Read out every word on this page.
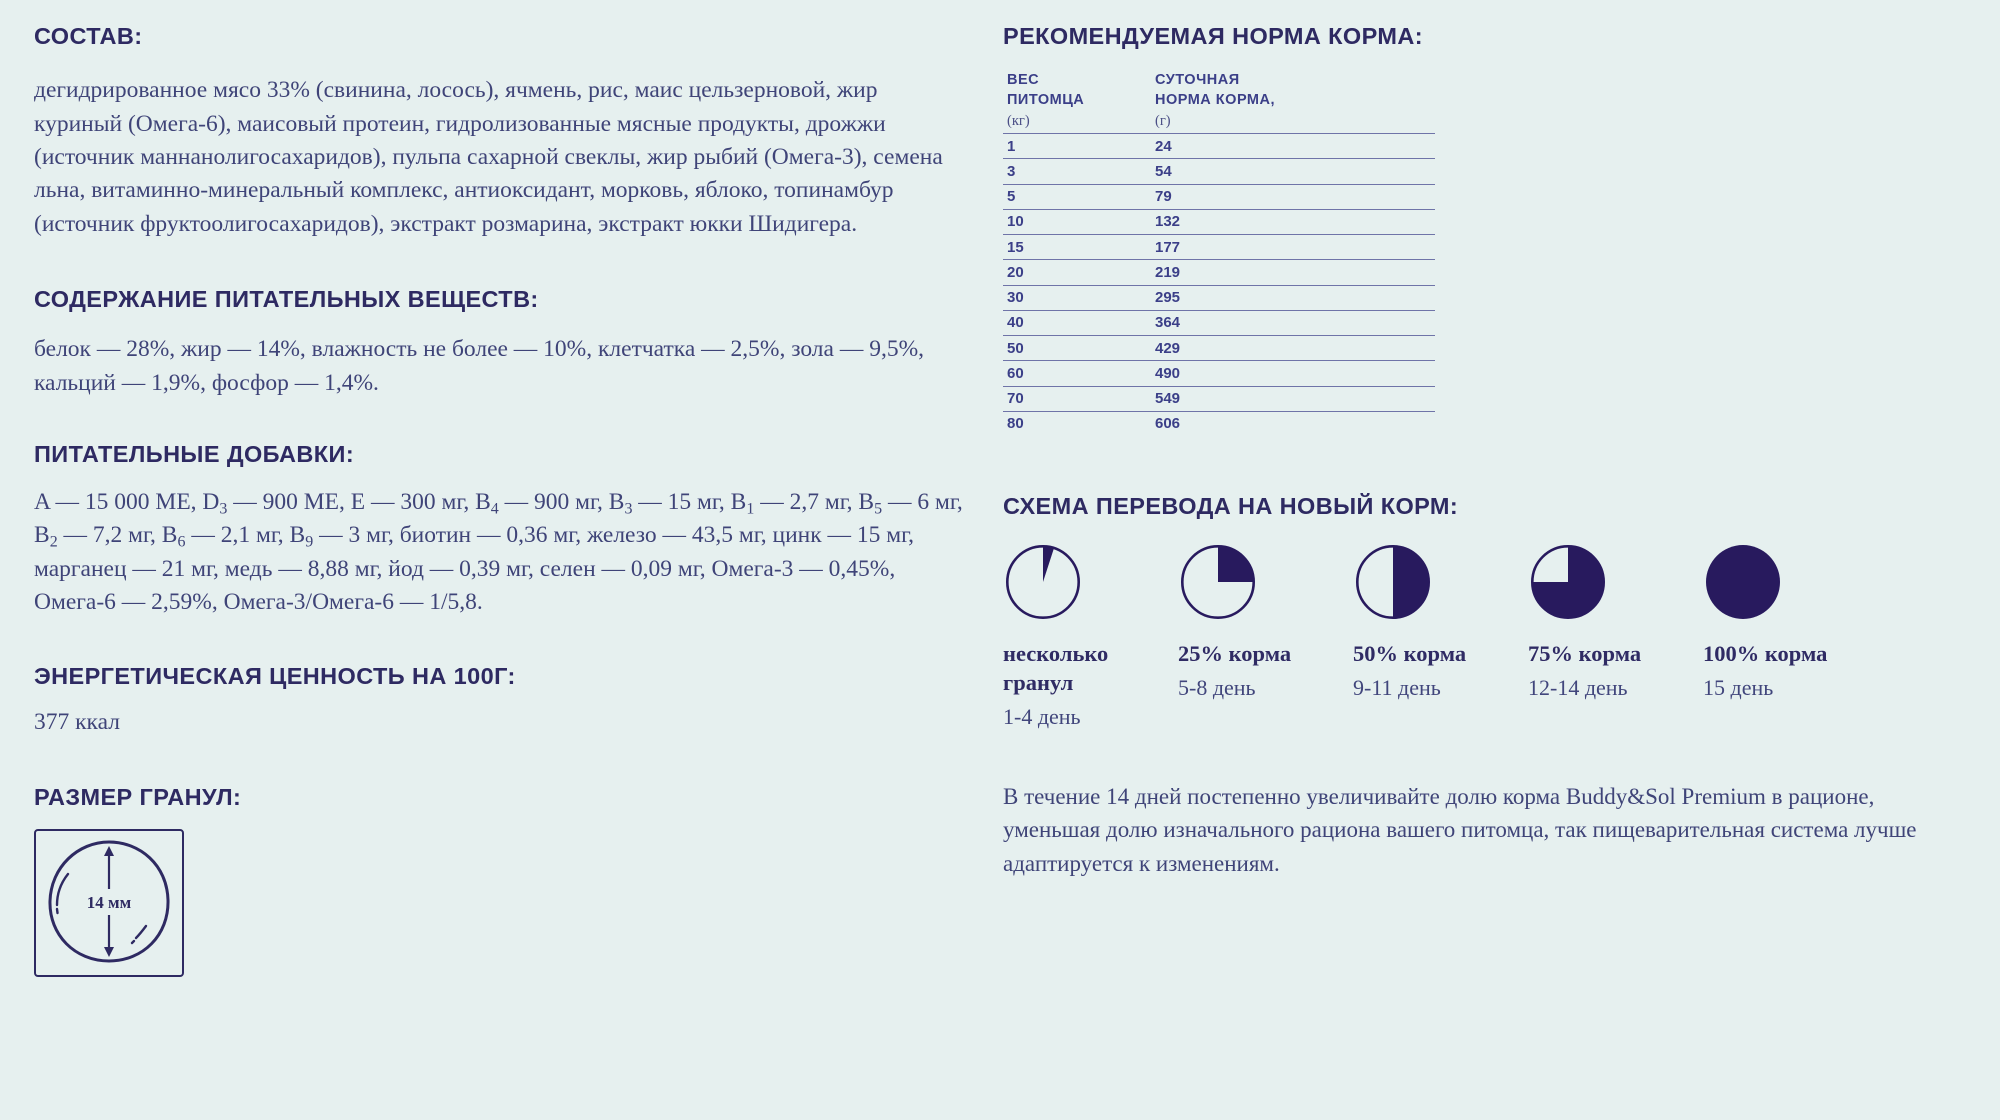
СОСТАВ:

дегидрированное мясо 33% (свинина, лосось), ячмень, рис, маис цельзерновой, жир куриный (Омега-6), маисовый протеин, гидролизованные мясные продукты, дрожжи (источник маннанолигосахаридов), пульпа сахарной свеклы, жир рыбий (Омега-3), семена льна, витаминно-минеральный комплекс, антиоксидант, морковь, яблоко, топинамбур (источник фруктоолигосахаридов), экстракт розмарина, экстракт юкки Шидигера.

СОДЕРЖАНИЕ ПИТАТЕЛЬНЫХ ВЕЩЕСТВ:

белок — 28%, жир — 14%, влажность не более — 10%, клетчатка — 2,5%, зола — 9,5%, кальций — 1,9%, фосфор — 1,4%.

ПИТАТЕЛЬНЫЕ ДОБАВКИ:

A — 15 000 МЕ, $D_3$ — 900 МЕ, E — 300 мг, $B_4$ — 900 мг, $B_3$ — 15 мг, $B_1$ — 2,7 мг, $B_5$ — 6 мг, $B_2$ — 7,2 мг, $B_6$ — 2,1 мг, $B_9$ — 3 мг, биотин — 0,36 мг, железо — 43,5 мг, цинк — 15 мг, марганец — 21 мг, медь — 8,88 мг, йод — 0,39 мг, селен — 0,09 мг, Омега-3 — 0,45%, Омега-6 — 2,59%, Омега-3/Омега-6 — 1/5,8.

ЭНЕРГЕТИЧЕСКАЯ ЦЕННОСТЬ НА 100Г:

377 ккал

РАЗМЕР ГРАНУЛ:
14 мм
РЕКОМЕНДУЕМАЯ НОРМА КОРМА:
ВЕС
ПИТОМЦА
(кг)	СУТОЧНАЯ
НОРМА КОРМА,
(г)

1	24
3	54
5	79
10	132
15	177
20	219
30	295
40	364
50	429
60	490
70	549
80	606
СХЕМА ПЕРЕВОДА НА НОВЫЙ КОРМ:
несколько гранул
1-4 день
25% корма
5-8 день
50% корма
9-11 день
75% корма
12-14 день
100% корма
15 день

В течение 14 дней постепенно увеличивайте долю корма Buddy&Sol Premium в рационе, уменьшая долю изначального рациона вашего питомца, так пищеварительная система лучше адаптируется к изменениям.
